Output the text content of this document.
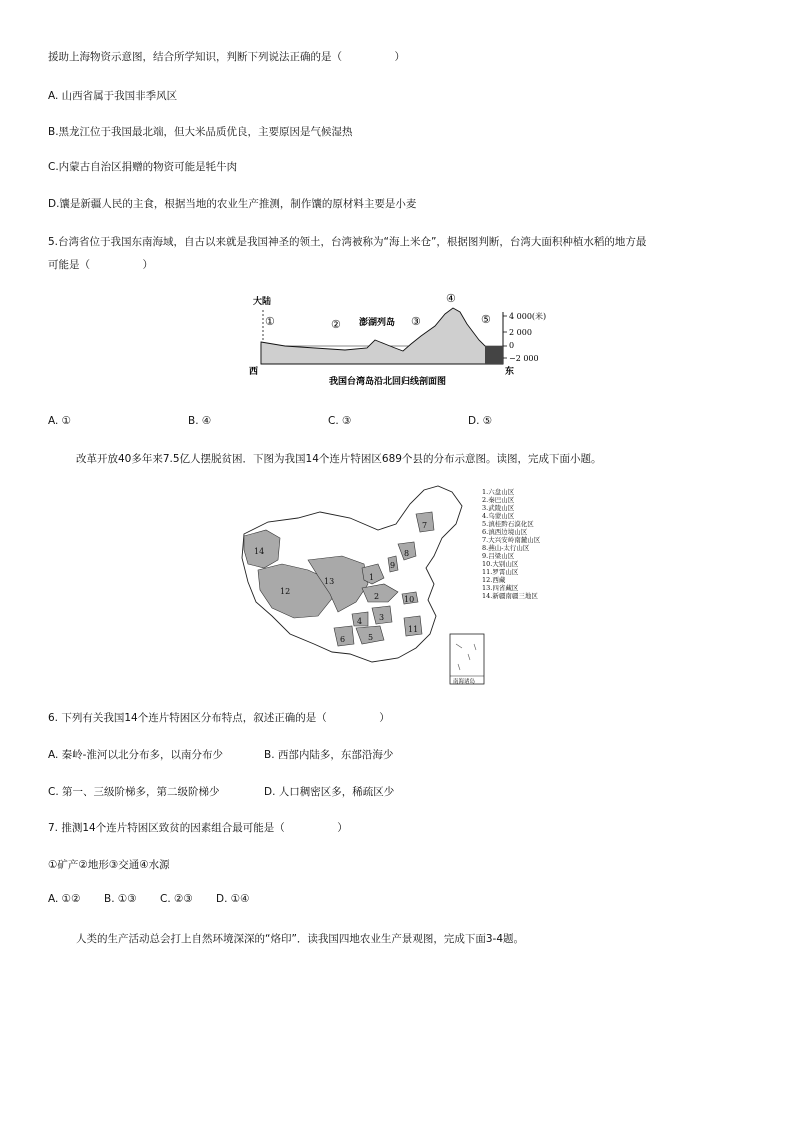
援助上海物资示意图，结合所学知识，判断下列说法正确的是（　　　　　）
A. 山西省属于我国非季风区
B.黑龙江位于我国最北端，但大米品质优良，主要原因是气候湿热
C.内蒙古自治区捐赠的物资可能是牦牛肉
D.馕是新疆人民的主食，根据当地的农业生产推测，制作馕的原材料主要是小麦
5.台湾省位于我国东南海域，自古以来就是我国神圣的领土，台湾被称为“海上米仓”，根据图判断，台湾大面积种植水稻的地方最
可能是（　　　　　）
大陆
①	② 澎湖列岛 ③
④
⑤ 4 000(米)
2 000
0
−2 000
西	东
我国台湾岛沿北回归线剖面图
A. ①	B. ④	C. ③	D. ⑤
改革开放40多年来7.5亿人摆脱贫困．下图为我国14个连片特困区689个县的分布示意图。读图，完成下面小题。
1
2
3
4
5
6
7
8
9
10
11
12
13
14
1.六盘山区
2.秦巴山区
3.武陵山区
4.乌蒙山区
5.滇桂黔石漠化区
6.滇西边境山区
7.大兴安岭南麓山区
8.燕山-太行山区
9.吕梁山区
10.大别山区
11.罗霄山区
12.西藏
13.四省藏区
14.新疆南疆三地区
南海诸岛
6. 下列有关我国14个连片特困区分布特点，叙述正确的是（　　　　　）
A. 秦岭-淮河以北分布多，以南分布少	B. 西部内陆多，东部沿海少
C. 第一、三级阶梯多，第二级阶梯少	D. 人口稠密区多，稀疏区少
7. 推测14个连片特困区致贫的因素组合最可能是（　　　　　）
①矿产②地形③交通④水源
A. ①② B. ①③ C. ②③ D. ①④
人类的生产活动总会打上自然环境深深的“烙印”．读我国四地农业生产景观图，完成下面3-4题。
